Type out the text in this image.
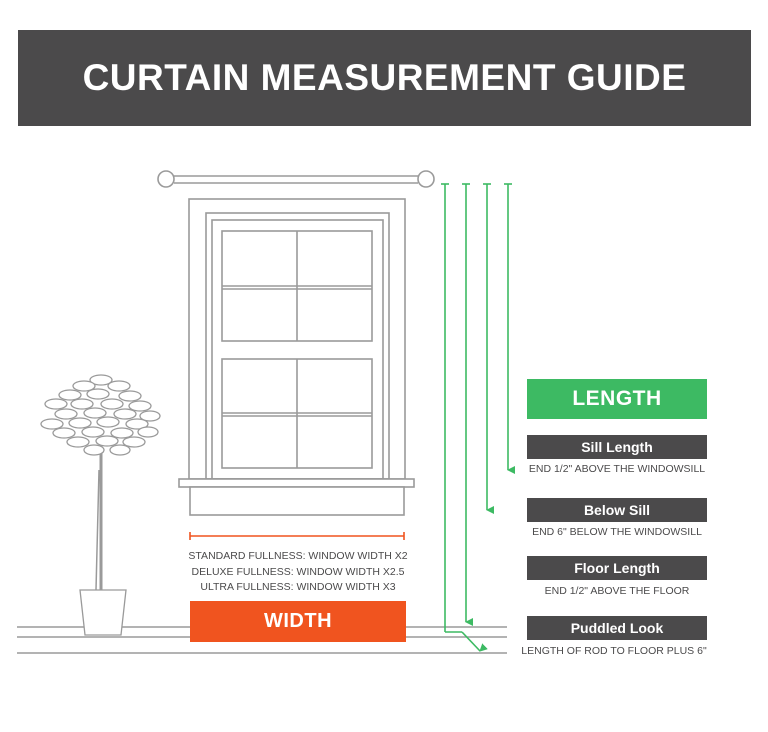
CURTAIN MEASUREMENT GUIDE
LENGTH
Sill Length
END 1/2" ABOVE THE WINDOWSILL
Below Sill
END 6" BELOW THE WINDOWSILL
Floor Length
END 1/2" ABOVE THE FLOOR
Puddled Look
LENGTH OF ROD TO FLOOR PLUS 6"
STANDARD FULLNESS: WINDOW WIDTH X2
DELUXE FULLNESS: WINDOW WIDTH X2.5
ULTRA FULLNESS: WINDOW WIDTH X3
WIDTH
